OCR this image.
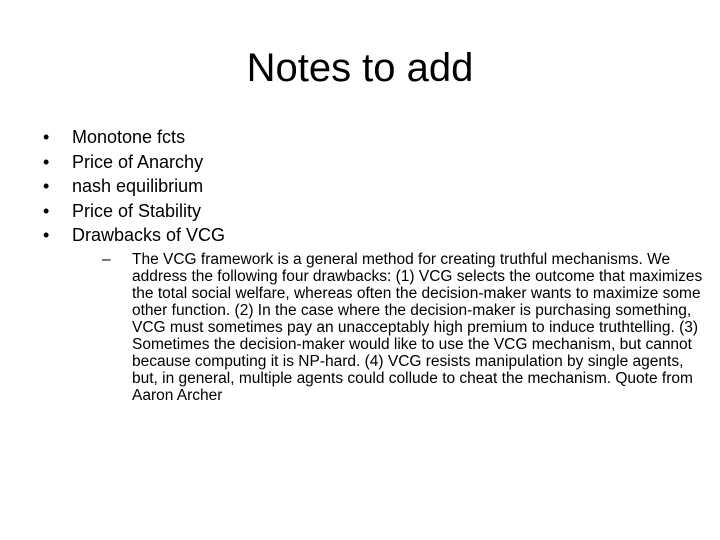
Notes to add
•	Monotone fcts
•	Price of Anarchy
•	nash equilibrium
•	Price of Stability
•	Drawbacks of VCG
– The VCG framework is a general method for creating truthful mechanisms. We address the following four drawbacks: (1) VCG selects the outcome that maximizes the total social welfare, whereas often the decision-maker wants to maximize some other function. (2) In the case where the decision-maker is purchasing something, VCG must sometimes pay an unacceptably high premium to induce truthtelling. (3) Sometimes the decision-maker would like to use the VCG mechanism, but cannot because computing it is NP-hard. (4) VCG resists manipulation by single agents, but, in general, multiple agents could collude to cheat the mechanism. Quote from Aaron Archer
